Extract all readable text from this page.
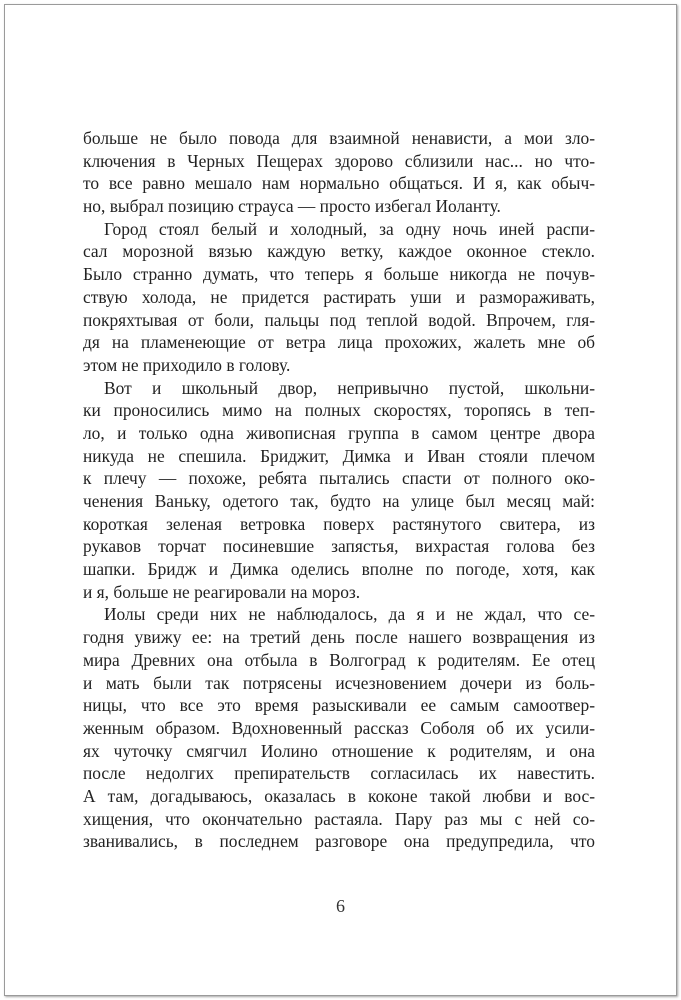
больше не было повода для взаимной ненависти, а мои зло-
ключения в Черных Пещерах здорово сблизили нас... но что-
то все равно мешало нам нормально общаться. И я, как обыч-
но, выбрал позицию страуса — просто избегал Иоланту.
Город стоял белый и холодный, за одну ночь иней распи-
сал морозной вязью каждую ветку, каждое оконное стекло.
Было странно думать, что теперь я больше никогда не почув-
ствую холода, не придется растирать уши и размораживать,
покряхтывая от боли, пальцы под теплой водой. Впрочем, гля-
дя на пламенеющие от ветра лица прохожих, жалеть мне об
этом не приходило в голову.
Вот и школьный двор, непривычно пустой, школьни-
ки проносились мимо на полных скоростях, торопясь в теп-
ло, и только одна живописная группа в самом центре двора
никуда не спешила. Бриджит, Димка и Иван стояли плечом
к плечу — похоже, ребята пытались спасти от полного око-
ченения Ваньку, одетого так, будто на улице был месяц май:
короткая зеленая ветровка поверх растянутого свитера, из
рукавов торчат посиневшие запястья, вихрастая голова без
шапки. Бридж и Димка оделись вполне по погоде, хотя, как
и я, больше не реагировали на мороз.
Иолы среди них не наблюдалось, да я и не ждал, что се-
годня увижу ее: на третий день после нашего возвращения из
мира Древних она отбыла в Волгоград к родителям. Ее отец
и мать были так потрясены исчезновением дочери из боль-
ницы, что все это время разыскивали ее самым самоотвер-
женным образом. Вдохновенный рассказ Соболя об их усили-
ях чуточку смягчил Иолино отношение к родителям, и она
после недолгих препирательств согласилась их навестить.
А там, догадываюсь, оказалась в коконе такой любви и вос-
хищения, что окончательно растаяла. Пару раз мы с ней со-
званивались, в последнем разговоре она предупредила, что
6
